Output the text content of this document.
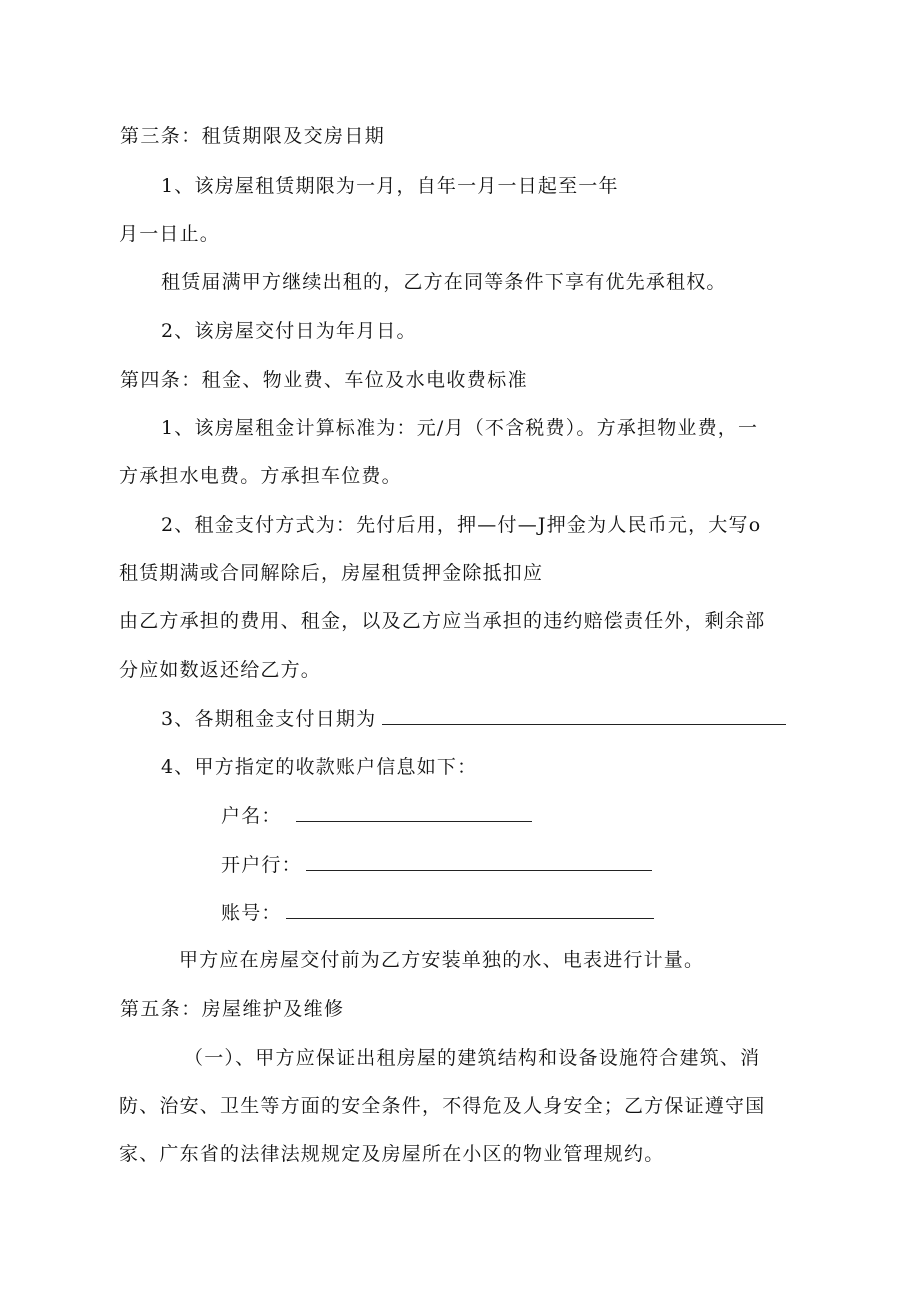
第三条：租赁期限及交房日期
1、该房屋租赁期限为一月，自年一月一日起至一年
月一日止。
租赁届满甲方继续出租的，乙方在同等条件下享有优先承租权。
2、该房屋交付日为年月日。
第四条：租金、物业费、车位及水电收费标准
1、该房屋租金计算标准为：元/月（不含税费）。方承担物业费，一
方承担水电费。方承担车位费。
2、租金支付方式为：先付后用，押—付—J押金为人民币元，大写o
租赁期满或合同解除后，房屋租赁押金除抵扣应
由乙方承担的费用、租金，以及乙方应当承担的违约赔偿责任外，剩余部
分应如数返还给乙方。
3、各期租金支付日期为
4、甲方指定的收款账户信息如下：
户名：
开户行：
账号：
甲方应在房屋交付前为乙方安装单独的水、电表进行计量。
第五条：房屋维护及维修
（一）、甲方应保证出租房屋的建筑结构和设备设施符合建筑、消
防、治安、卫生等方面的安全条件，不得危及人身安全；乙方保证遵守国
家、广东省的法律法规规定及房屋所在小区的物业管理规约。
